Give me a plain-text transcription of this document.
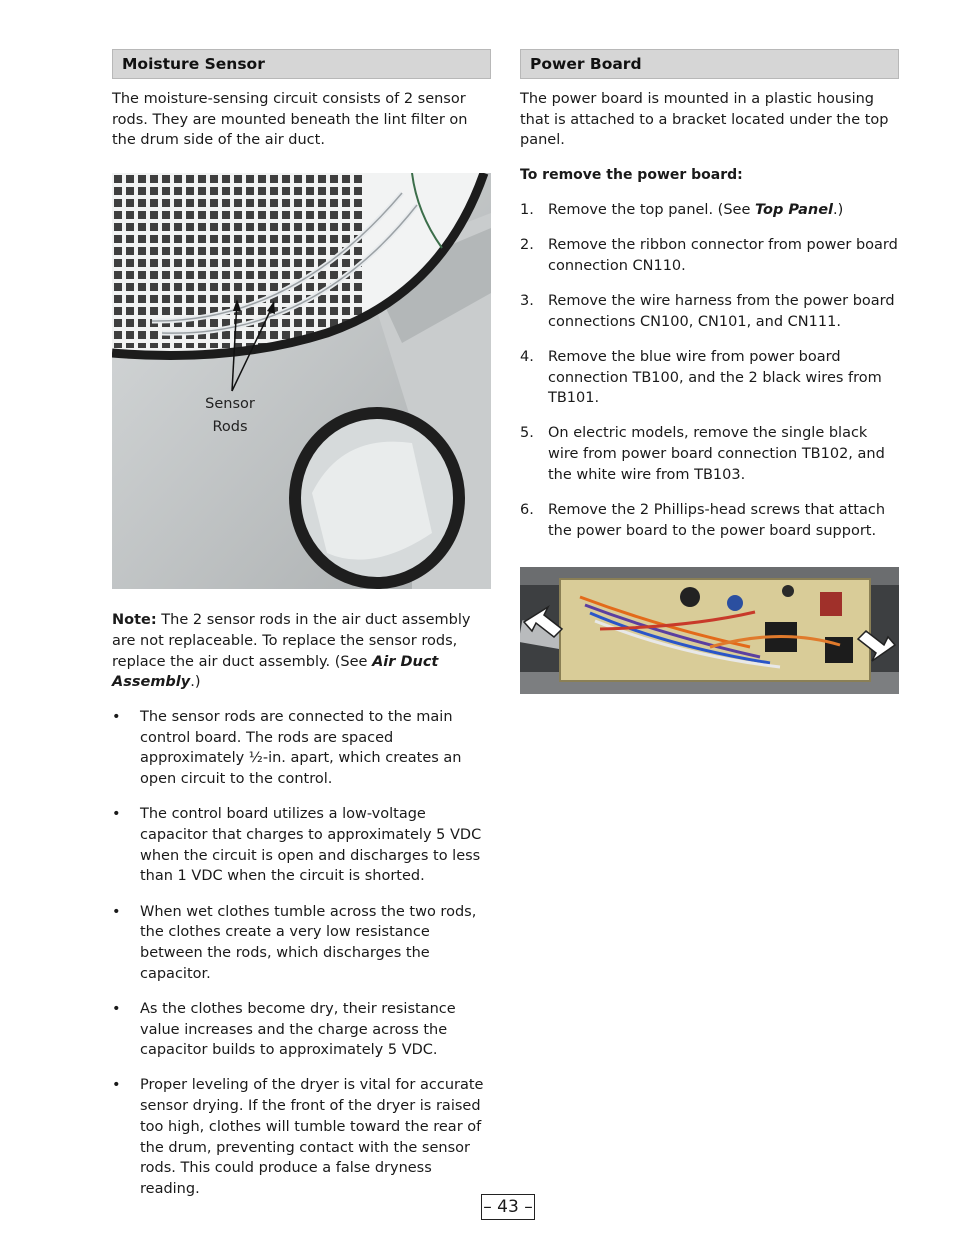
Moisture Sensor

The moisture-sensing circuit consists of 2 sensor rods. They are mounted beneath the lint filter on the drum side of the air duct.

Sensor
Rods

Note: The 2 sensor rods in the air duct assembly are not replaceable. To replace the sensor rods, replace the air duct assembly. (See Air Duct Assembly.)

• The sensor rods are connected to the main control board. The rods are spaced approximately ½-in. apart, which creates an open circuit to the control.
• The control board utilizes a low-voltage capacitor that charges to approximately 5 VDC when the circuit is open and discharges to less than 1 VDC when the circuit is shorted.
• When wet clothes tumble across the two rods, the clothes create a very low resistance between the rods, which discharges the capacitor.
• As the clothes become dry, their resistance value increases and the charge across the capacitor builds to approximately 5 VDC.
• Proper leveling of the dryer is vital for accurate sensor drying. If the front of the dryer is raised too high, clothes will tumble toward the rear of the drum, preventing contact with the sensor rods. This could produce a false dryness reading.
Power Board

The power board is mounted in a plastic housing that is attached to a bracket located under the top panel.

To remove the power board:

1. Remove the top panel. (See Top Panel.)
2. Remove the ribbon connector from power board connection CN110.
3. Remove the wire harness from the power board connections CN100, CN101, and CN111.
4. Remove the blue wire from power board connection TB100, and the 2 black wires from TB101.
5. On electric models, remove the single black wire from power board connection TB102, and the white wire from TB103.
6. Remove the 2 Phillips-head screws that attach the power board to the power board support.
– 43 –
